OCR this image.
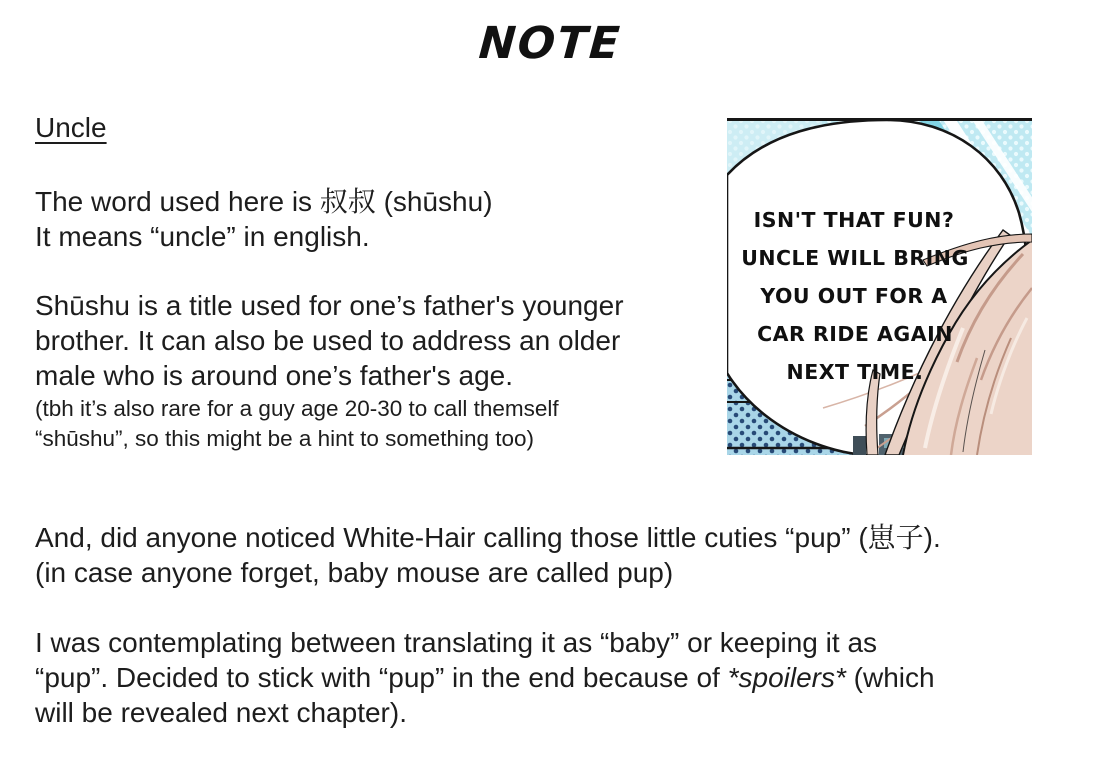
NOTE
Uncle
The word used here is 叔叔 (shūshu)
It means “uncle” in english.
Shūshu is a title used for one’s father's younger
brother. It can also be used to address an older
male who is around one’s father's age.
(tbh it’s also rare for a guy age 20-30 to call themself
“shūshu”, so this might be a hint to something too)
ISN'T THAT FUN?
UNCLE WILL BRING
YOU OUT FOR A
CAR RIDE AGAIN
NEXT TIME.
And, did anyone noticed White-Hair calling those little cuties “pup” (崽子).
(in case anyone forget, baby mouse are called pup)
I was contemplating between translating it as “baby” or keeping it as
“pup”. Decided to stick with “pup” in the end because of *spoilers* (which
will be revealed next chapter).
